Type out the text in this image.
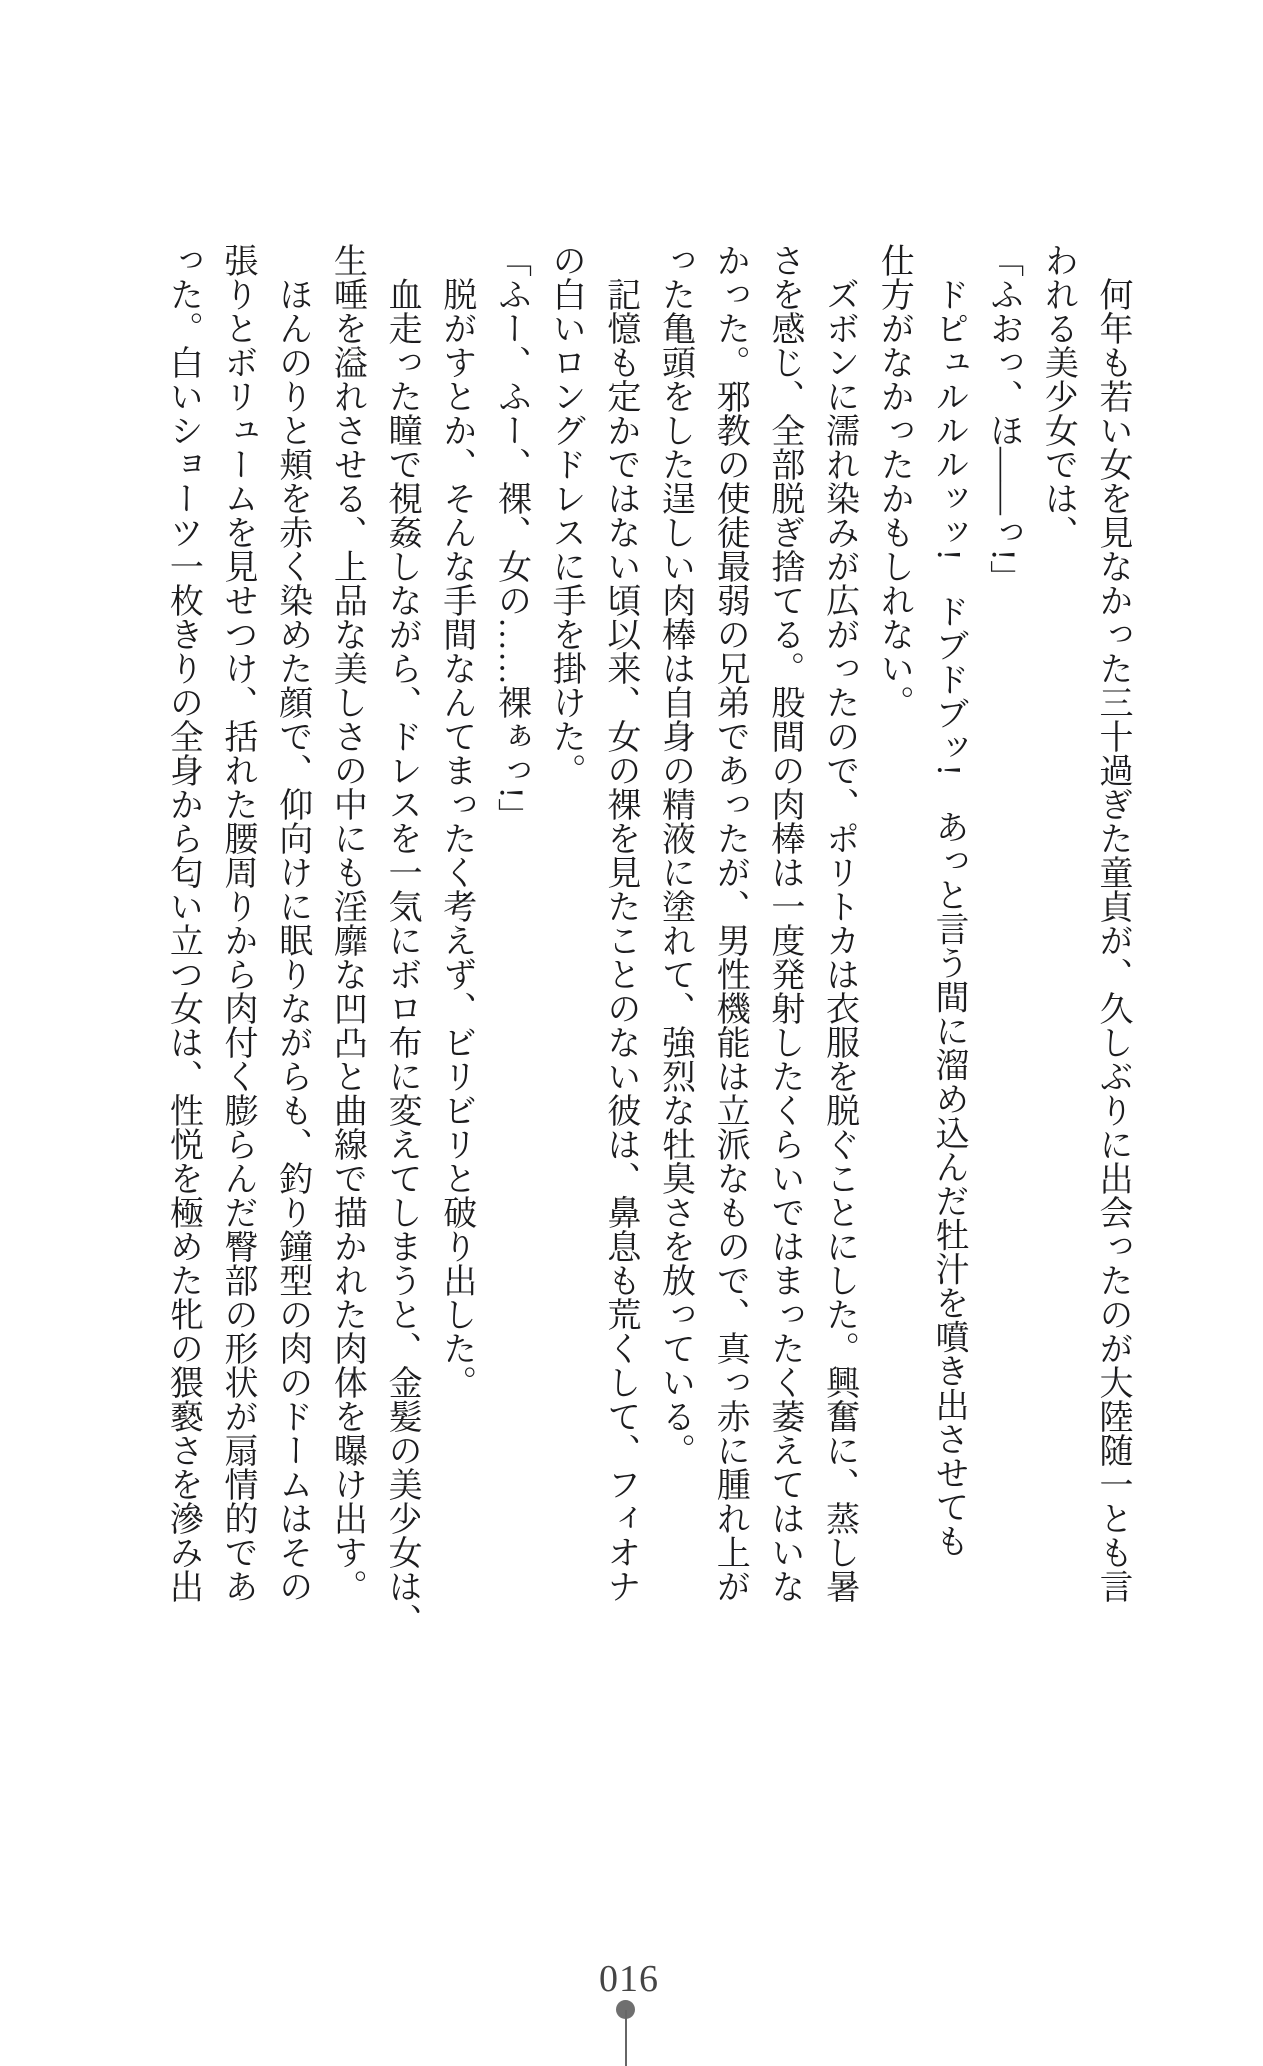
　何年も若い女を見なかった三十過ぎた童貞が、久しぶりに出会ったのが大陸随一とも言
われる美少女では、
「ふおっ、ほ――っ!」
　ドピュルルルッッ!　ドブドブッ!　あっと言う間に溜め込んだ牡汁を噴き出させても
仕方がなかったかもしれない。
　ズボンに濡れ染みが広がったので、ポリトカは衣服を脱ぐことにした。興奮に、蒸し暑
さを感じ、全部脱ぎ捨てる。股間の肉棒は一度発射したくらいではまったく萎えてはいな
かった。邪教の使徒最弱の兄弟であったが、男性機能は立派なもので、真っ赤に腫れ上が
った亀頭をした逞しい肉棒は自身の精液に塗れて、強烈な牡臭さを放っている。
　記憶も定かではない頃以来、女の裸を見たことのない彼は、鼻息も荒くして、フィオナ
の白いロングドレスに手を掛けた。
「ふー、ふー、裸、女の……裸ぁっ!」
　脱がすとか、そんな手間なんてまったく考えず、ビリビリと破り出した。
　血走った瞳で視姦しながら、ドレスを一気にボロ布に変えてしまうと、金髪の美少女は、
生唾を溢れさせる、上品な美しさの中にも淫靡な凹凸と曲線で描かれた肉体を曝け出す。
　ほんのりと頬を赤く染めた顔で、仰向けに眠りながらも、釣り鐘型の肉のドームはその
張りとボリュームを見せつけ、括れた腰周りから肉付く膨らんだ臀部の形状が扇情的であ
った。白いショーツ一枚きりの全身から匂い立つ女は、性悦を極めた牝の猥褻さを滲み出
016
